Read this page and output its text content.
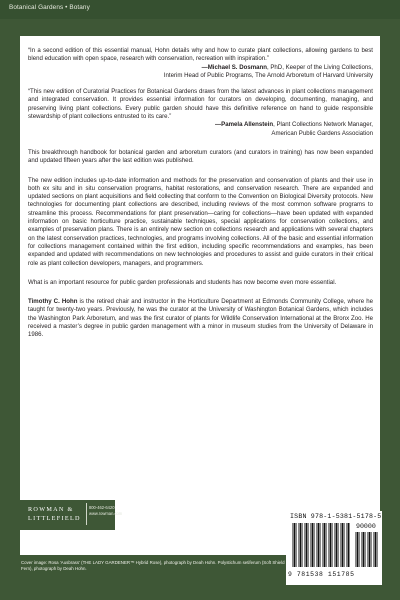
Botanical Gardens • Botany

“In a second edition of this essential manual, Hohn details why and how to curate plant collections, allowing gardens to best blend education with open space, research with conservation, recreation with inspiration.”

—Michael S. Dosmann, PhD, Keeper of the Living Collections,

Interim Head of Public Programs, The Arnold Arboretum of Harvard University

“This new edition of Curatorial Practices for Botanical Gardens draws from the latest advances in plant collections management and integrated conservation. It provides essential information for curators on developing, documenting, managing, and preserving living plant collections. Every public garden should have this definitive reference on hand to guide responsible stewardship of plant collections entrusted to its care.”

—Pamela Allenstein, Plant Collections Network Manager,

American Public Gardens Association

This breakthrough handbook for botanical garden and arboretum curators (and curators in training) has now been expanded and updated fifteen years after the last edition was published.

The new edition includes up-to-date information and methods for the preservation and conservation of plants and their use in both ex situ and in situ conservation programs, habitat restorations, and conservation research. There are expanded and updated sections on plant acquisitions and field collecting that conform to the Convention on Biological Diversity protocols. New technologies for documenting plant collections are described, including reviews of the most common software programs to streamline this process. Recommendations for plant preservation—caring for collections—have been updated with expanded information on basic horticulture practice, sustainable techniques, special applications for conservation collections, and examples of preservation plans. There is an entirely new section on collections research and applications with several chapters on the latest conservation practices, technologies, and programs involving collections. All of the basic and essential information for collections management contained within the first edition, including specific recommendations and examples, has been expanded and updated with recommendations on new technologies and procedures to assist and guide curators in their critical role as plant collection developers, managers, and programmers.

What is an important resource for public garden professionals and students has now become even more essential.

Timothy C. Hohn is the retired chair and instructor in the Horticulture Department at Edmonds Community College, where he taught for twenty-two years. Previously, he was the curator at the University of Washington Botanical Gardens, which includes the Washington Park Arboretum, and was the first curator of plants for Wildlife Conservation International at the Bronx Zoo. He received a master’s degree in public garden management with a minor in museum studies from the University of Delaware in 1986.

ROWMAN &
LITTLEFIELD
800-462-6420
www.rowman.com
Cover image: Rosa ‘Ausbrass’ (THE LADY GARDENER™ Hybrid Rose), photograph by Deah Hohn. Polystichum setiferum (Soft Shield Fern), photograph by Deah Hohn.
ISBN 978-1-5381-5178-5
90000
9 781538 151785
